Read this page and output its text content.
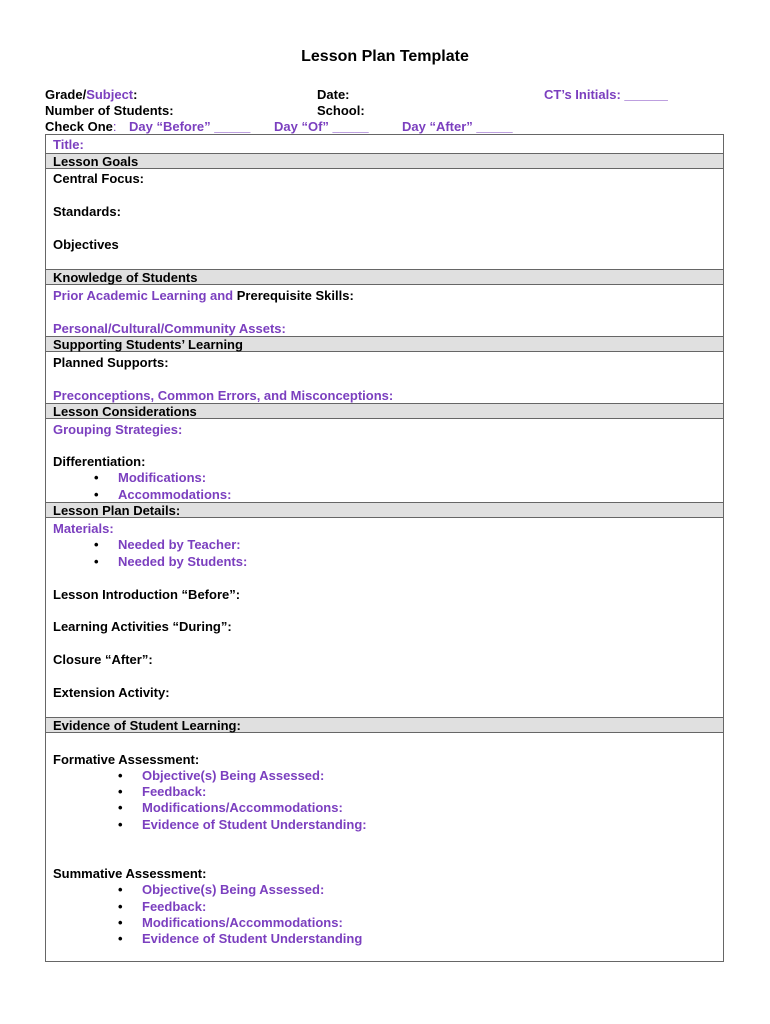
Lesson Plan Template
Grade/Subject:	Date:	CT’s Initials: ______
Number of Students:	School:
Check One: Day “Before” _____ Day “Of” _____	Day “After” _____
Title:
Lesson Goals
Central Focus:
Standards:
Objectives
Knowledge of Students
Prior Academic Learning and Prerequisite Skills:
Personal/Cultural/Community Assets:
Supporting Students’ Learning
Planned Supports:
Preconceptions, Common Errors, and Misconceptions:
Lesson Considerations
Grouping Strategies:
Differentiation:
• Modifications:
• Accommodations:
Lesson Plan Details:
Materials:
• Needed by Teacher:
• Needed by Students:
Lesson Introduction “Before”:
Learning Activities “During”:
Closure “After”:
Extension Activity:
Evidence of Student Learning:
Formative Assessment:
• Objective(s) Being Assessed:
• Feedback:
• Modifications/Accommodations:
• Evidence of Student Understanding:
Summative Assessment:
• Objective(s) Being Assessed:
• Feedback:
• Modifications/Accommodations:
• Evidence of Student Understanding
